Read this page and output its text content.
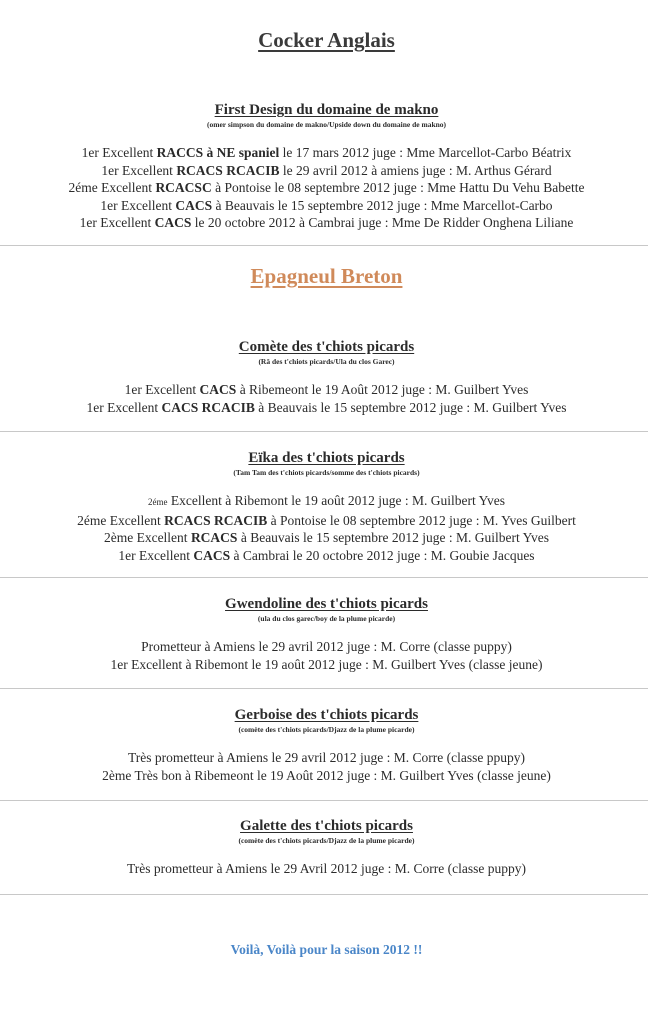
Cocker Anglais
First Design du domaine de makno
(omer simpson du domaine de makno/Upside down du domaine de makno)
1er Excellent RACCS à NE spaniel le 17 mars 2012 juge : Mme Marcellot-Carbo Béatrix
1er Excellent RCACS RCACIB le 29 avril 2012 à amiens juge : M. Arthus Gérard
2éme Excellent RCACSC à Pontoise le 08 septembre 2012 juge : Mme Hattu Du Vehu Babette
1er Excellent CACS à Beauvais le 15 septembre 2012 juge : Mme Marcellot-Carbo
1er Excellent CACS le 20 octobre 2012 à Cambrai juge : Mme De Ridder Onghena Liliane
Epagneul Breton
Comète des t'chiots picards
(Râ des t'chiots picards/Ula du clos Garec)
1er Excellent CACS à Ribemeont le 19 Août 2012 juge : M. Guilbert Yves
1er Excellent CACS RCACIB à Beauvais le 15 septembre 2012 juge : M. Guilbert Yves
Eïka des t'chiots picards
(Tam Tam des t'chiots picards/somme des t'chiots picards)
2éme Excellent à Ribemont le 19 août 2012 juge : M. Guilbert Yves
2éme Excellent RCACS RCACIB à Pontoise le 08 septembre 2012 juge : M. Yves Guilbert
2ème Excellent RCACS à Beauvais le 15 septembre 2012 juge : M. Guilbert Yves
1er Excellent CACS à Cambrai le 20 octobre 2012 juge : M. Goubie Jacques
Gwendoline des t'chiots picards
(ula du clos garec/boy de la plume picarde)
Prometteur à Amiens le 29 avril 2012 juge : M. Corre (classe puppy)
1er Excellent à Ribemont le 19 août 2012 juge : M. Guilbert Yves (classe jeune)
Gerboise des t'chiots picards
(comète des t'chiots picards/Djazz de la plume picarde)
Très prometteur à Amiens le 29 avril 2012 juge : M. Corre (classe ppupy)
2ème Très bon à Ribemeont le 19 Août 2012 juge : M. Guilbert Yves (classe jeune)
Galette des t'chiots picards
(comète des t'chiots picards/Djazz de la plume picarde)
Très prometteur à Amiens le 29 Avril 2012 juge : M. Corre (classe puppy)
Voilà, Voilà pour la saison 2012 !!
